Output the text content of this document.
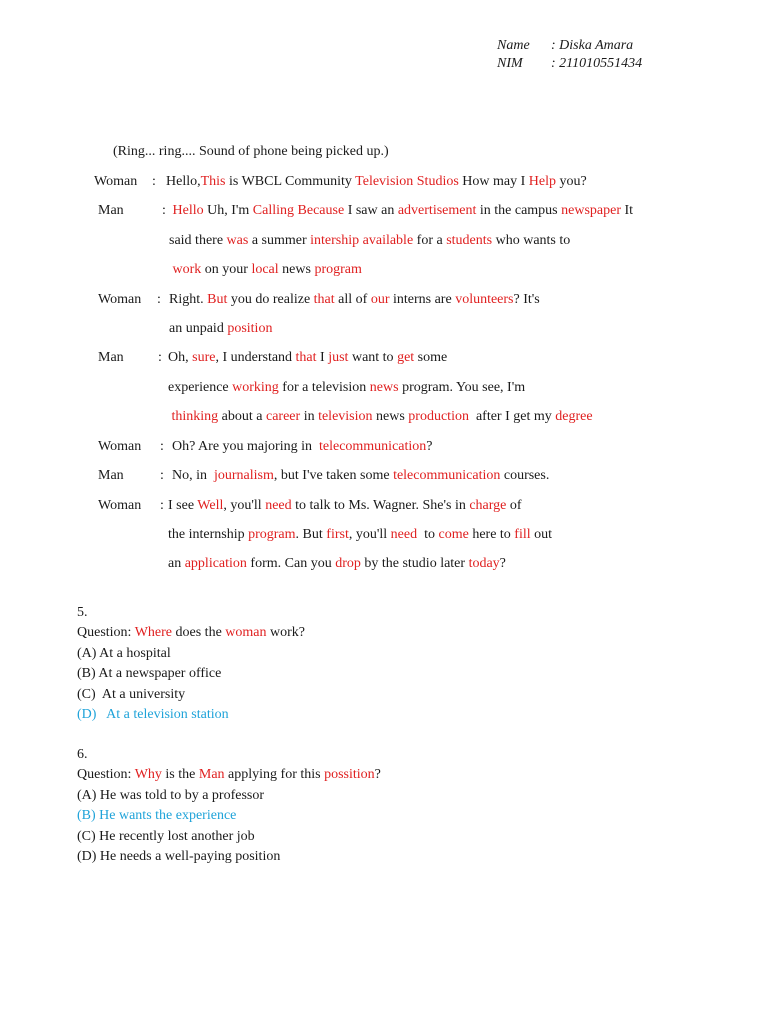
Name : Diska Amara
NIM : 211010551434
(Ring... ring.... Sound of phone being picked up.)
Woman : Hello,This is WBCL Community Television Studios How may I Help you?
Man	: Hello Uh, I'm Calling Because I saw an advertisement in the campus newspaper It
said there was a summer intership available for a students who wants to
work on your local news program
Woman : Right. But you do realize that all of our interns are volunteers? It's
an unpaid position
Man : Oh, sure, I understand that I just want to get some
experience working for a television news program. You see, I'm
thinking about a career in television news production  after I get my degree
Woman : Oh? Are you majoring in  telecommunication?
Man	: No, in  journalism, but I've taken some telecommunication courses.
Woman : I see Well, you'll need to talk to Ms. Wagner. She's in charge of
the internship program. But first, you'll need  to come here to fill out
an application form. Can you drop by the studio later today?
5.
Question: Where does the woman work?
(A) At a hospital
(B) At a newspaper office
(C)  At a university
(D)   At a television station
6.
Question: Why is the Man applying for this possition?
(A) He was told to by a professor
(B) He wants the experience
(C) He recently lost another job
(D) He needs a well-paying position
